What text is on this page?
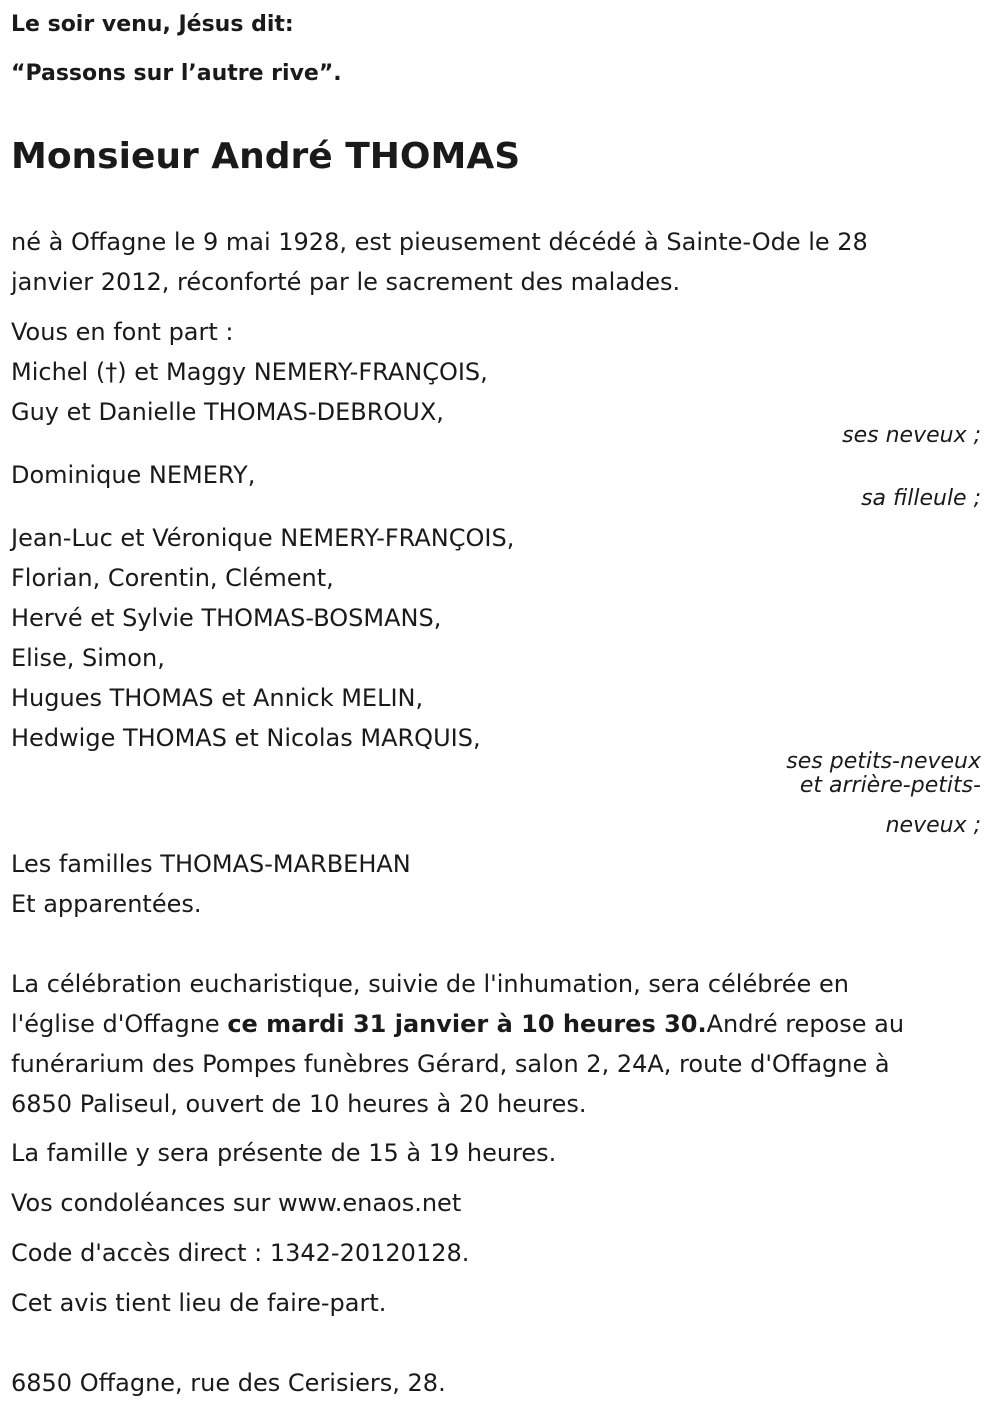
Le soir venu, Jésus dit:

“Passons sur l’autre rive”.

Monsieur André THOMAS
né à Offagne le 9 mai 1928, est pieusement décédé à Sainte-Ode le 28
janvier 2012, réconforté par le sacrement des malades.
Vous en font part :
Michel (†) et Maggy NEMERY-FRANÇOIS,
Guy et Danielle THOMAS-DEBROUX,
ses neveux ;
Dominique NEMERY,
sa filleule ;
Jean-Luc et Véronique NEMERY-FRANÇOIS,
Florian, Corentin, Clément,
Hervé et Sylvie THOMAS-BOSMANS,
Elise, Simon,
Hugues THOMAS et Annick MELIN,
Hedwige THOMAS et Nicolas MARQUIS,
ses petits-neveux
et arrière-petits-
neveux ;
Les familles THOMAS-MARBEHAN
Et apparentées.
La célébration eucharistique, suivie de l'inhumation, sera célébrée en
l'église d'Offagne ce mardi 31 janvier à 10 heures 30.André repose au
funérarium des Pompes funèbres Gérard, salon 2, 24A, route d'Offagne à
6850 Paliseul, ouvert de 10 heures à 20 heures.

La famille y sera présente de 15 à 19 heures.

Vos condoléances sur www.enaos.net

Code d'accès direct : 1342-20120128.

Cet avis tient lieu de faire-part.

6850 Offagne, rue des Cerisiers, 28.
